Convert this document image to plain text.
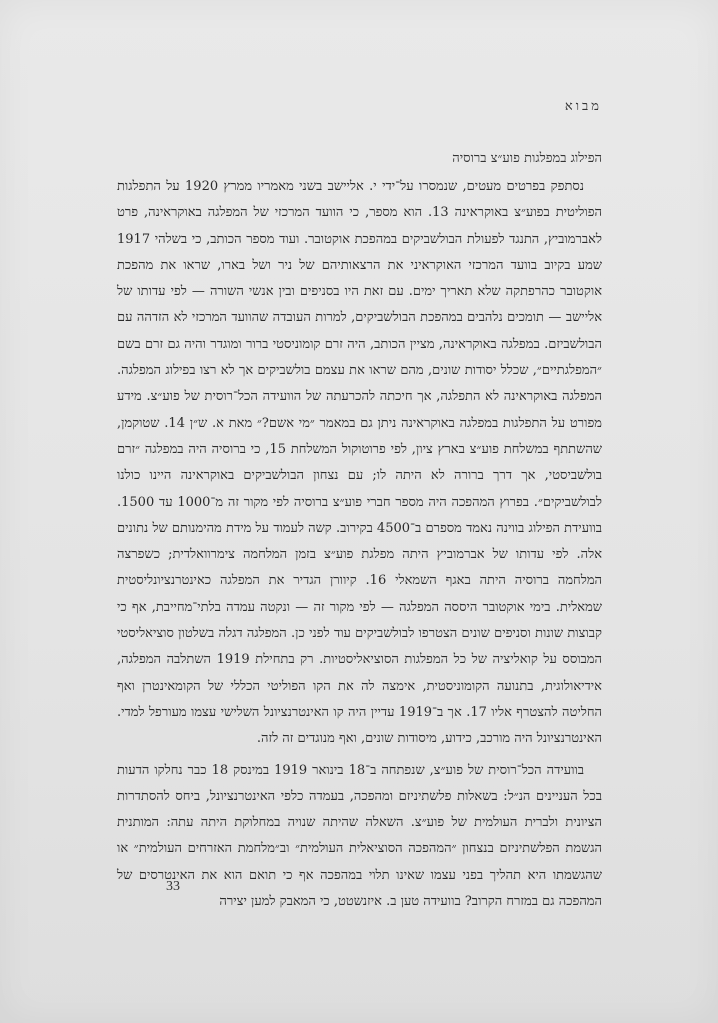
מבוא
הפילוג במפלגות פוע״צ ברוסיה

נסתפק בפרטים מעטים, שנמסרו על־ידי י. אליישב בשני מאמריו ממרץ 1920 על התפלגות הפוליטית בפוע״צ באוקראינה 13. הוא מספר, כי הוועד המרכזי של המפלגה באוקראינה, פרט לאברמוביץ, התנגד לפעולת הבולשביקים במהפכת אוקטובר. ועוד מספר הכותב, כי בשלהי 1917 שמע בקיוב בוועד המרכזי האוקראיני את הרצאותיהם של ניר ושל בארו, שראו את מהפכת אוקטובר כהרפתקה שלא תאריך ימים. עם זאת היו בסניפים ובין אנשי השורה — לפי עדותו של אליישב — תומכים נלהבים במהפכת הבולשביקים, למרות העובדה שהוועד המרכזי לא הזדהה עם הבולשביזם. במפלגה באוקראינה, מציין הכותב, היה זרם קומוניסטי ברור ומוגדר והיה גם זרם בשם ״המפלגתיים״, שכלל יסודות שונים, מהם שראו את עצמם בולשביקים אך לא רצו בפילוג המפלגה. המפלגה באוקראינה לא התפלגה, אך חיכתה להכרעתה של הוועידה הכל־רוסית של פוע״צ. מידע מפורט על התפלגות במפלגה באוקראינה ניתן גם במאמר ״מי אשם?״ מאת א. ש״ן 14. שטוקמן, שהשתתף במשלחת פוע״צ בארץ ציון, לפי פרוטוקול המשלחת 15, כי ברוסיה היה במפלגה ״זרם בולשביסטי, אך דרך ברורה לא היתה לו; עם נצחון הבולשביקים באוקראינה היינו כולנו לבולשביקים״. בפרוץ המהפכה היה מספר חברי פוע״צ ברוסיה לפי מקור זה מ־1000 עד 1500. בוועידת הפילוג בווינה נאמד מספרם ב־4500 בקירוב. קשה לעמוד על מידת מהימנותם של נתונים אלה. לפי עדותו של אברמוביץ היתה מפלגת פוע״צ בזמן המלחמה צימרוואלדית; כשפרצה המלחמה ברוסיה היתה באגף השמאלי 16. קיוורן הגדיר את המפלגה כאינטרנציונליסטית שמאלית. בימי אוקטובר היססה המפלגה — לפי מקור זה — ונקטה עמדה בלתי־מחייבת, אף כי קבוצות שונות וסניפים שונים הצטרפו לבולשביקים עוד לפני כן. המפלגה דגלה בשלטון סוציאליסטי המבוסס על קואליציה של כל המפלגות הסוציאליסטיות. רק בתחילת 1919 השתלבה המפלגה, אידיאולוגית, בתנועה הקומוניסטית, אימצה לה את הקו הפוליטי הכללי של הקומאינטרן ואף החליטה להצטרף אליו 17. אך ב־1919 עדיין היה קו האינטרנציונל השלישי עצמו מעורפל למדי. האינטרנציונל היה מורכב, כידוע, מיסודות שונים, ואף מנוגדים זה לזה.

בוועידה הכל־רוסית של פוע״צ, שנפתחה ב־18 בינואר 1919 במינסק 18 כבר נחלקו הדעות בכל העניינים הנ״ל: בשאלות פלשתיניזם ומהפכה, בעמדה כלפי האינטרנציונל, ביחס להסתדרות הציונית ולברית העולמית של פוע״צ. השאלה שהיתה שנויה במחלוקת היתה עתה: המותנית הגשמת הפלשתיניזם בנצחון ״המהפכה הסוציאלית העולמית״ וב״מלחמת האזרחים העולמית״ או שהגשמתו היא תהליך בפני עצמו שאינו תלוי במהפכה אף כי תואם הוא את האינטרסים של המהפכה גם במזרח הקרוב? בוועידה טען ב. איזנשטט, כי המאבק למען יצירה

33
